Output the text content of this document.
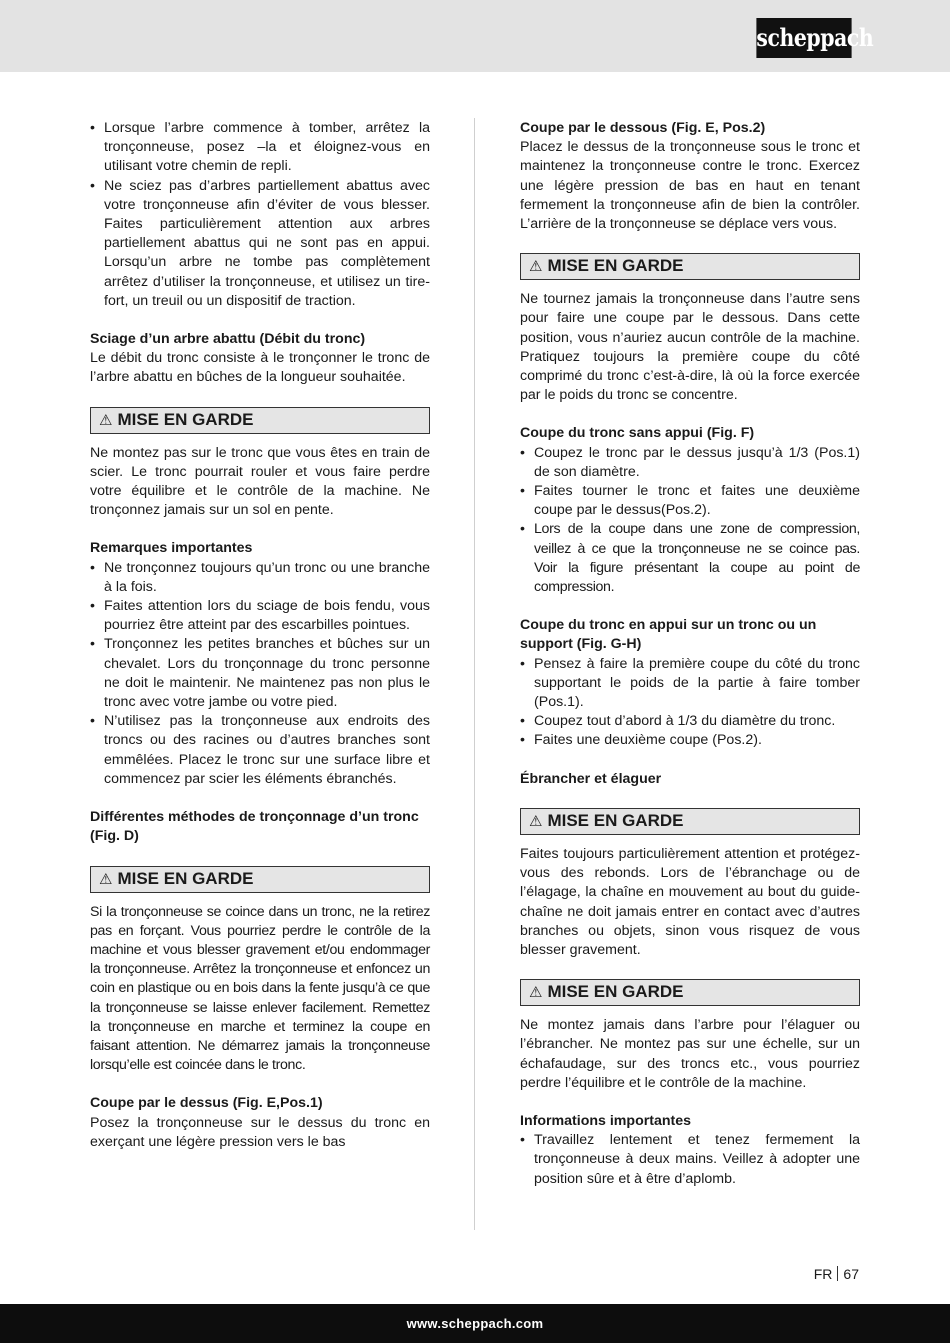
scheppach
• Lorsque l’arbre commence à tomber, arrêtez la tronçonneuse, posez –la et éloignez-vous en utilisant votre chemin de repli.
• Ne sciez pas d’arbres partiellement abattus avec votre tronçonneuse afin d’éviter de vous blesser. Faites particulièrement attention aux arbres partiellement abattus qui ne sont pas en appui. Lorsqu’un arbre ne tombe pas complètement arrêtez d’utiliser la tronçonneuse, et utilisez un tire-fort, un treuil ou un dispositif de traction.

Sciage d’un arbre abattu (Débit du tronc)

Le débit du tronc consiste à le tronçonner le tronc de l’arbre abattu en bûches de la longueur souhaitée.

⚠ MISE EN GARDE

Ne montez pas sur le tronc que vous êtes en train de scier. Le tronc pourrait rouler et vous faire perdre votre équilibre et le contrôle de la machine. Ne tronçonnez jamais sur un sol en pente.

Remarques importantes

• Ne tronçonnez toujours qu’un tronc ou une branche à la fois.
• Faites attention lors du sciage de bois fendu, vous pourriez être atteint par des escarbilles pointues.
• Tronçonnez les petites branches et bûches sur un chevalet. Lors du tronçonnage du tronc personne ne doit le maintenir. Ne maintenez pas non plus le tronc avec votre jambe ou votre pied.
• N’utilisez pas la tronçonneuse aux endroits des troncs ou des racines ou d’autres branches sont emmêlées. Placez le tronc sur une surface libre et commencez par scier les éléments ébranchés.

Différentes méthodes de tronçonnage d’un tronc (Fig. D)

⚠ MISE EN GARDE

Si la tronçonneuse se coince dans un tronc, ne la retirez pas en forçant. Vous pourriez perdre le contrôle de la machine et vous blesser gravement et/ou endommager la tronçonneuse. Arrêtez la tronçonneuse et enfoncez un coin en plastique ou en bois dans la fente jusqu’à ce que la tronçonneuse se laisse enlever facilement. Remettez la tronçonneuse en marche et terminez la coupe en faisant attention. Ne démarrez jamais la tronçonneuse lorsqu’elle est coincée dans le tronc.

Coupe par le dessus (Fig. E,Pos.1)

Posez la tronçonneuse sur le dessus du tronc en exerçant une légère pression vers le bas

Coupe par le dessous (Fig. E, Pos.2)

Placez le dessus de la tronçonneuse sous le tronc et maintenez la tronçonneuse contre le tronc. Exercez une légère pression de bas en haut en tenant fermement la tronçonneuse afin de bien la contrôler. L’arrière de la tronçonneuse se déplace vers vous.

⚠ MISE EN GARDE

Ne tournez jamais la tronçonneuse dans l’autre sens pour faire une coupe par le dessous. Dans cette position, vous n’auriez aucun contrôle de la machine. Pratiquez toujours la première coupe du côté comprimé du tronc c’est-à-dire, là où la force exercée par le poids du tronc se concentre.

Coupe du tronc sans appui (Fig. F)

• Coupez le tronc par le dessus jusqu’à 1/3 (Pos.1) de son diamètre.
• Faites tourner le tronc et faites une deuxième coupe par le dessus(Pos.2).
• Lors de la coupe dans une zone de compression, veillez à ce que la tronçonneuse ne se coince pas. Voir la figure présentant la coupe au point de compression.

Coupe du tronc en appui sur un tronc ou un support (Fig. G-H)

• Pensez à faire la première coupe du côté du tronc supportant le poids de la partie à faire tomber (Pos.1).
• Coupez tout d’abord à 1/3 du diamètre du tronc.
• Faites une deuxième coupe (Pos.2).

Ébrancher et élaguer

⚠ MISE EN GARDE

Faites toujours particulièrement attention et protégez-vous des rebonds. Lors de l’ébranchage ou de l’élagage, la chaîne en mouvement au bout du guide-chaîne ne doit jamais entrer en contact avec d’autres branches ou objets, sinon vous risquez de vous blesser gravement.

⚠ MISE EN GARDE

Ne montez jamais dans l’arbre pour l’élaguer ou l’ébrancher. Ne montez pas sur une échelle, sur un échafaudage, sur des troncs etc., vous pourriez perdre l’équilibre et le contrôle de la machine.

Informations importantes

• Travaillez lentement et tenez fermement la tronçonneuse à deux mains. Veillez à adopter une position sûre et à être d’aplomb.
FR 67
www.scheppach.com
